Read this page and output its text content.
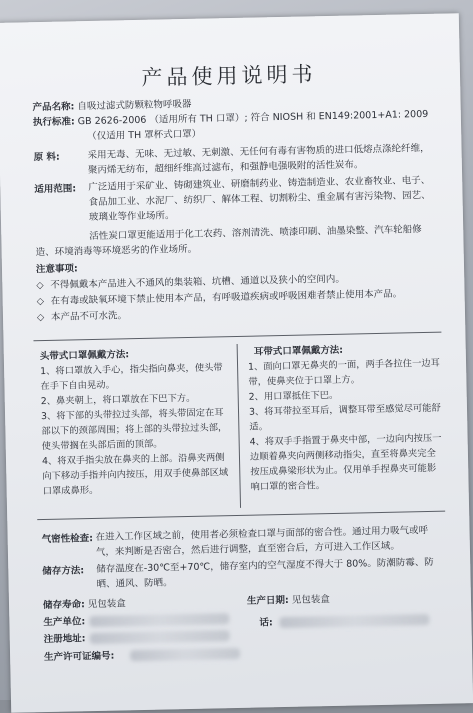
产品使用说明书
产品名称: 自吸过滤式防颗粒物呼吸器
执行标准: GB 2626-2006 （适用所有 TH 口罩）; 符合 NIOSH 和 EN149:2001+A1: 2009
（仅适用 TH 罩杯式口罩）
原 料:	采用无毒、无味、无过敏、无刺激、无任何有毒有害物质的进口低熔点涤纶纤维，聚丙烯无纺布，超细纤维高过滤布，和强静电强吸附的活性炭布。
适用范围: 广泛适用于采矿业、铸砌建筑业、研磨制药业、铸造制造业、农业畜牧业、电子、食品加工业、水泥厂、纺织厂、解体工程、切割粉尘、重金属有害污染物、园艺、玻璃业等作业场所。
活性炭口罩更能适用于化工农药、溶剂清洗、喷漆印刷、油墨染整、汽车轮船修造、环境消毒等环境恶劣的作业场所。
注意事项:
◇ 不得佩戴本产品进入不通风的集装箱、坑槽、通道以及狭小的空间内。
◇ 在有毒或缺氧环境下禁止使用本产品，有呼吸道疾病或呼吸困难者禁止使用本产品。
◇ 本产品不可水洗。
头带式口罩佩戴方法:

1、将口罩放入手心，指尖指向鼻夹，使头带在手下自由晃动。

2、鼻夹朝上，将口罩放在下巴下方。

3、将下部的头带拉过头部，将头带固定在耳部以下的颈部周围；将上部的头带拉过头部，使头带搁在头部后面的顶部。

4、将双手指尖放在鼻夹的上部。沿鼻夹两侧向下移动手指并向内按压，用双手使鼻部区域口罩成鼻形。

耳带式口罩佩戴方法:

1、面向口罩无鼻夹的一面，两手各拉住一边耳带，使鼻夹位于口罩上方。

2、用口罩抵住下巴。

3、将耳带拉至耳后，调整耳带至感觉尽可能舒适。

4、将双手手指置于鼻夹中部，一边向内按压一边顺着鼻夹向两侧移动指尖，直至将鼻夹完全按压成鼻梁形状为止。仅用单手捏鼻夹可能影响口罩的密合性。

气密性检查: 在进入工作区域之前，使用者必须检查口罩与面部的密合性。通过用力吸气或呼气，来判断是否密合，然后进行调整，直至密合后，方可进入工作区域。
储存方法: 储存温度在-30℃至+70℃，储存室内的空气湿度不得大于 80%。防潮防霉、防晒、通风、防晒。
储存寿命: 见包装盒	生产日期: 见包装盒
生产单位:
注册地址:
话:
生产许可证编号:
